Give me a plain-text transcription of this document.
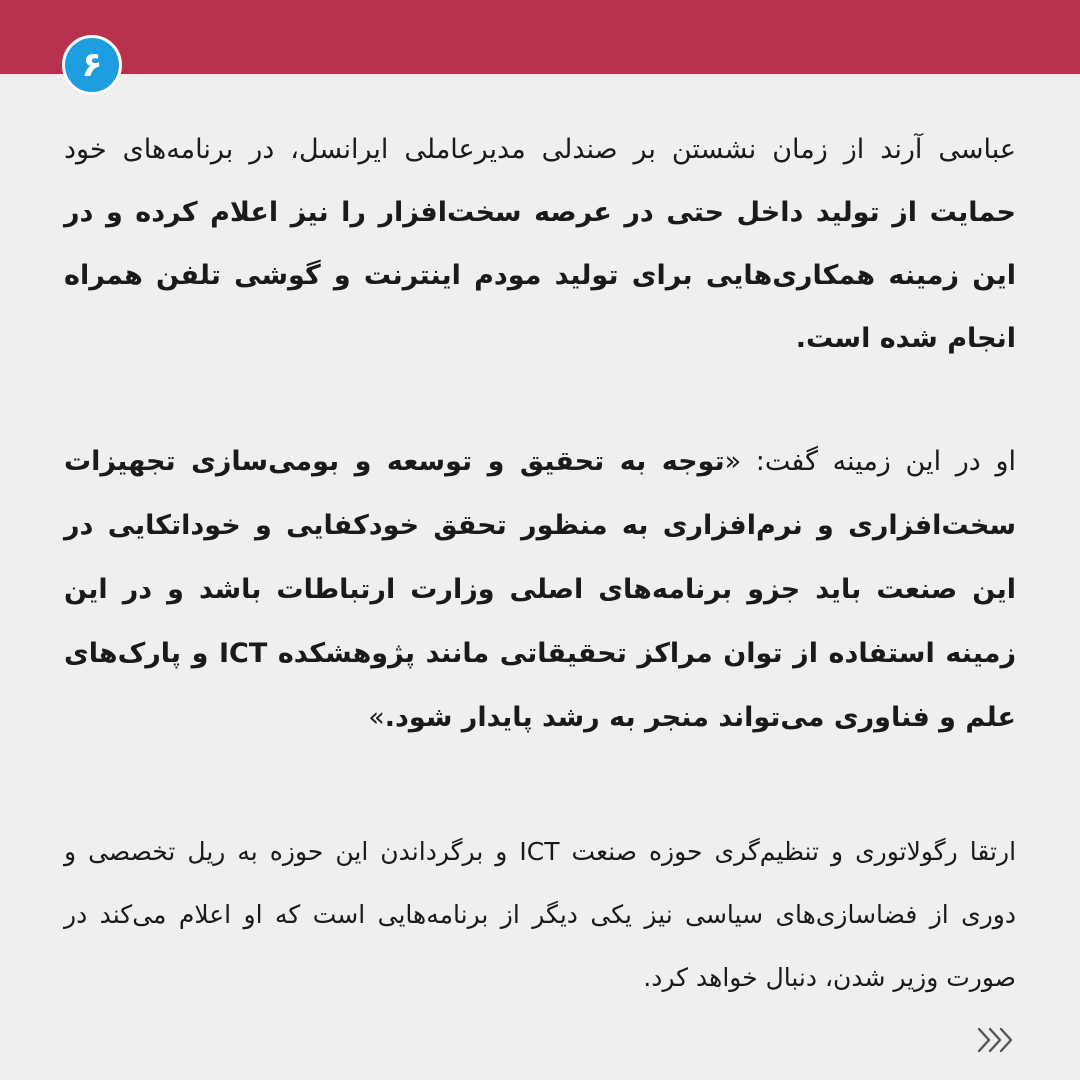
۶

عباسی آرند از زمان نشستن بر صندلی مدیرعاملی ایرانسل، در برنامه‌های خود حمایت از تولید داخل حتی در عرصه سخت‌افزار را نیز اعلام کرده و در این زمینه همکاری‌هایی برای تولید مودم اینترنت و گوشی تلفن همراه انجام شده است.

او در این زمینه گفت: «توجه به تحقیق و توسعه و بومی‌سازی تجهیزات سخت‌افزاری و نرم‌افزاری به منظور تحقق خودکفایی و خوداتکایی در این صنعت باید جزو برنامه‌های اصلی وزارت ارتباطات باشد و در این زمینه استفاده از توان مراکز تحقیقاتی مانند پژوهشکده ICT و پارک‌های علم و فناوری می‌تواند منجر به رشد پایدار شود.»

ارتقا رگولاتوری و تنظیم‌گری حوزه صنعت ICT و برگرداندن این حوزه به ریل تخصصی و دوری از فضاسازی‌های سیاسی نیز یکی دیگر از برنامه‌هایی است که او اعلام می‌کند در صورت وزیر شدن، دنبال خواهد کرد.
